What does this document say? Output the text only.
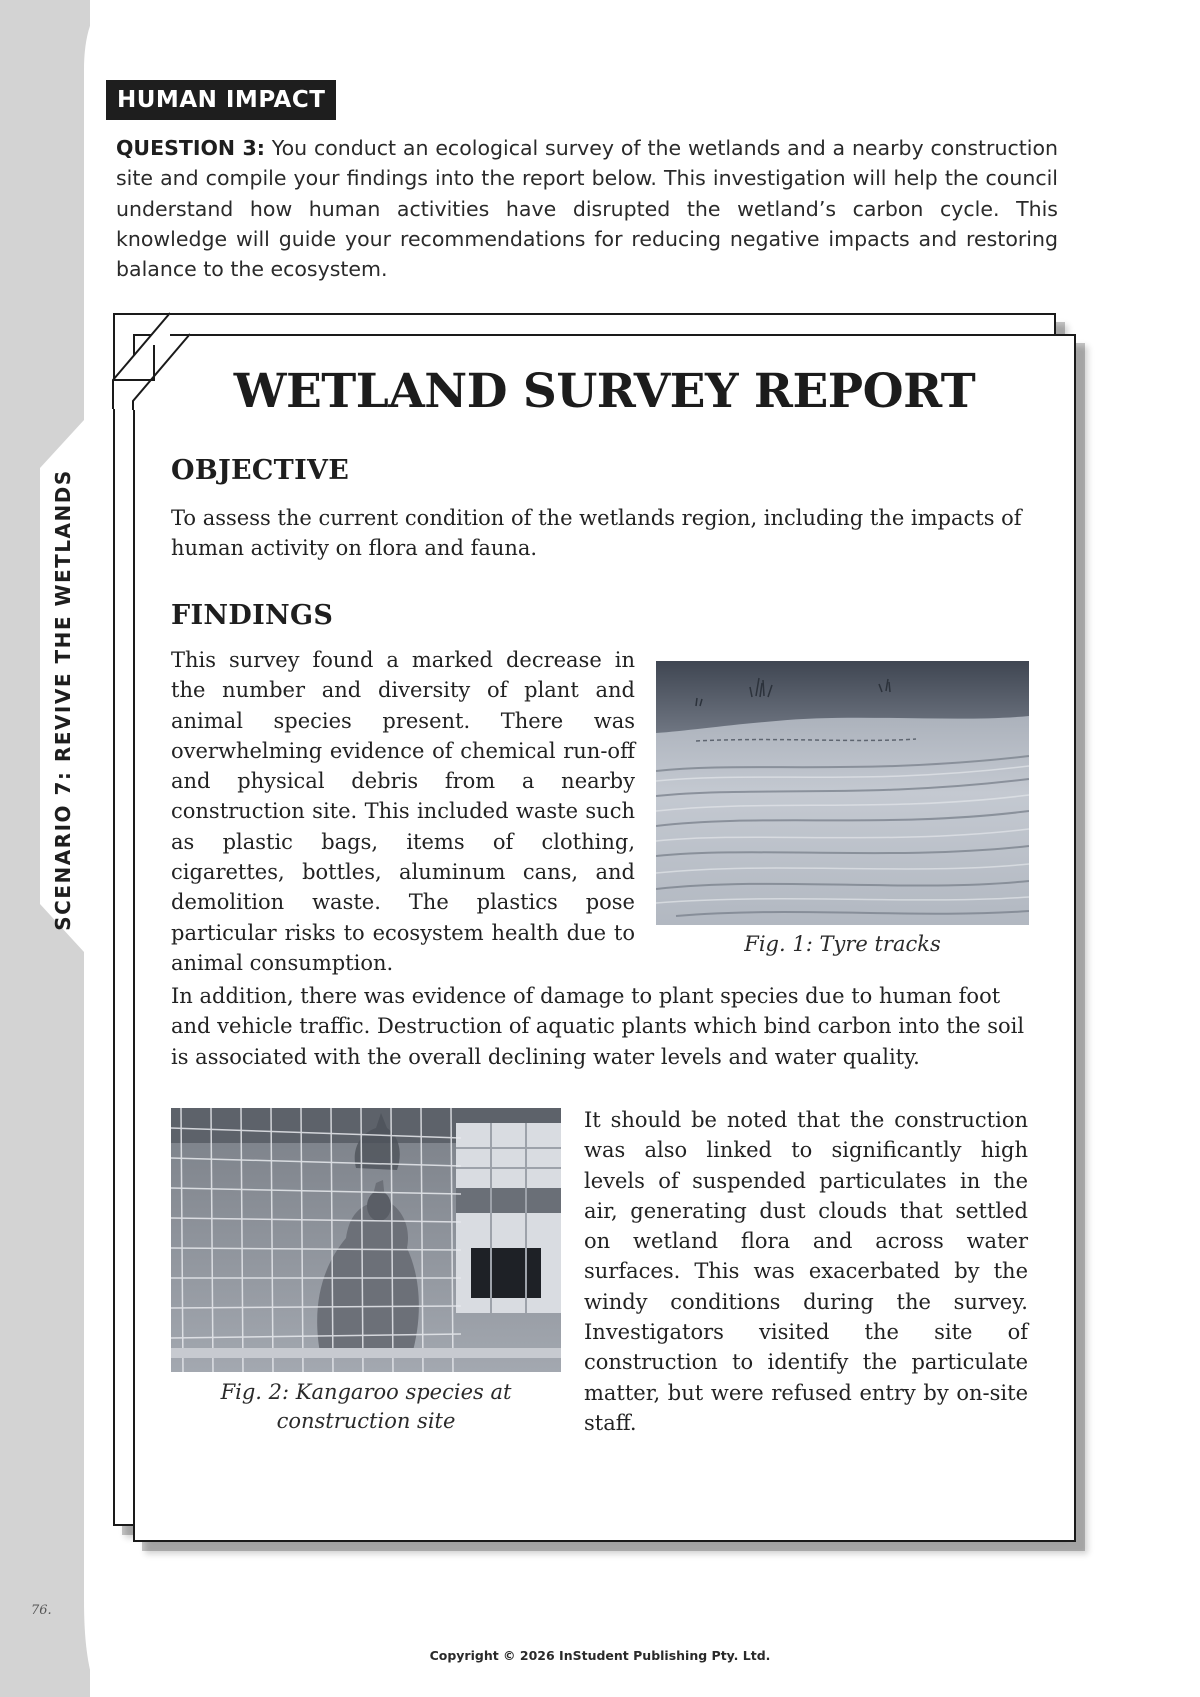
SCENARIO 7: REVIVE THE WETLANDS
HUMAN IMPACT
QUESTION 3: You conduct an ecological survey of the wetlands and a nearby construction site and compile your findings into the report below. This investigation will help the council understand how human activities have disrupted the wetland’s carbon cycle. This knowledge will guide your recommendations for reducing negative impacts and restoring balance to the ecosystem.
WETLAND SURVEY REPORT
OBJECTIVE
To assess the current condition of the wetlands region, including the impacts of human activity on flora and fauna.
FINDINGS
This survey found a marked decrease in the number and diversity of plant and animal species present. There was overwhelming evidence of chemical run-off and physical debris from a nearby construction site. This included waste such as plastic bags, items of clothing, cigarettes, bottles, aluminum cans, and demolition waste. The plastics pose particular risks to ecosystem health due to animal consumption.
Fig. 1: Tyre tracks
In addition, there was evidence of damage to plant species due to human foot and vehicle traffic. Destruction of aquatic plants which bind carbon into the soil is associated with the overall declining water levels and water quality.
Fig. 2: Kangaroo species at construction site
It should be noted that the construction was also linked to significantly high levels of suspended particulates in the air, generating dust clouds that settled on wetland flora and across water surfaces. This was exacerbated by the windy conditions during the survey. Investigators visited the site of construction to identify the particulate matter, but were refused entry by on-site staff.
76.
Copyright © 2026 InStudent Publishing Pty. Ltd.
